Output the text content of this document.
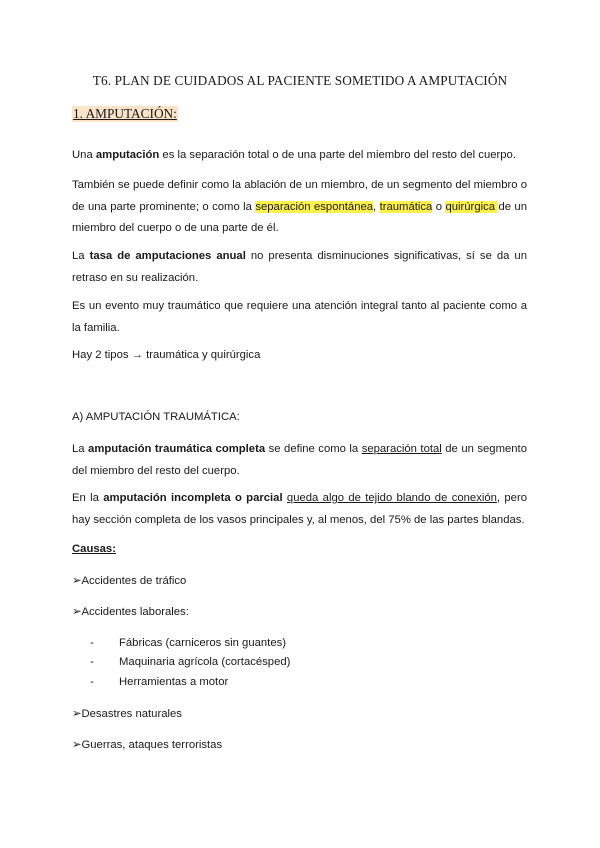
T6. PLAN DE CUIDADOS AL PACIENTE SOMETIDO A AMPUTACIÓN
1. AMPUTACIÓN:
Una amputación es la separación total o de una parte del miembro del resto del cuerpo.
También se puede definir como la ablación de un miembro, de un segmento del miembro o de una parte prominente; o como la separación espontánea, traumática o quirúrgica de un miembro del cuerpo o de una parte de él.
La tasa de amputaciones anual no presenta disminuciones significativas, sí se da un retraso en su realización.
Es un evento muy traumático que requiere una atención integral tanto al paciente como a la familia.
Hay 2 tipos → traumática y quirúrgica
A) AMPUTACIÓN TRAUMÁTICA:
La amputación traumática completa se define como la separación total de un segmento del miembro del resto del cuerpo.
En la amputación incompleta o parcial queda algo de tejido blando de conexión, pero hay sección completa de los vasos principales y, al menos, del 75% de las partes blandas.
Causas:
➢Accidentes de tráfico
➢Accidentes laborales:
- Fábricas (carniceros sin guantes)
- Maquinaria agrícola (cortacésped)
- Herramientas a motor
➢Desastres naturales
➢Guerras, ataques terroristas
